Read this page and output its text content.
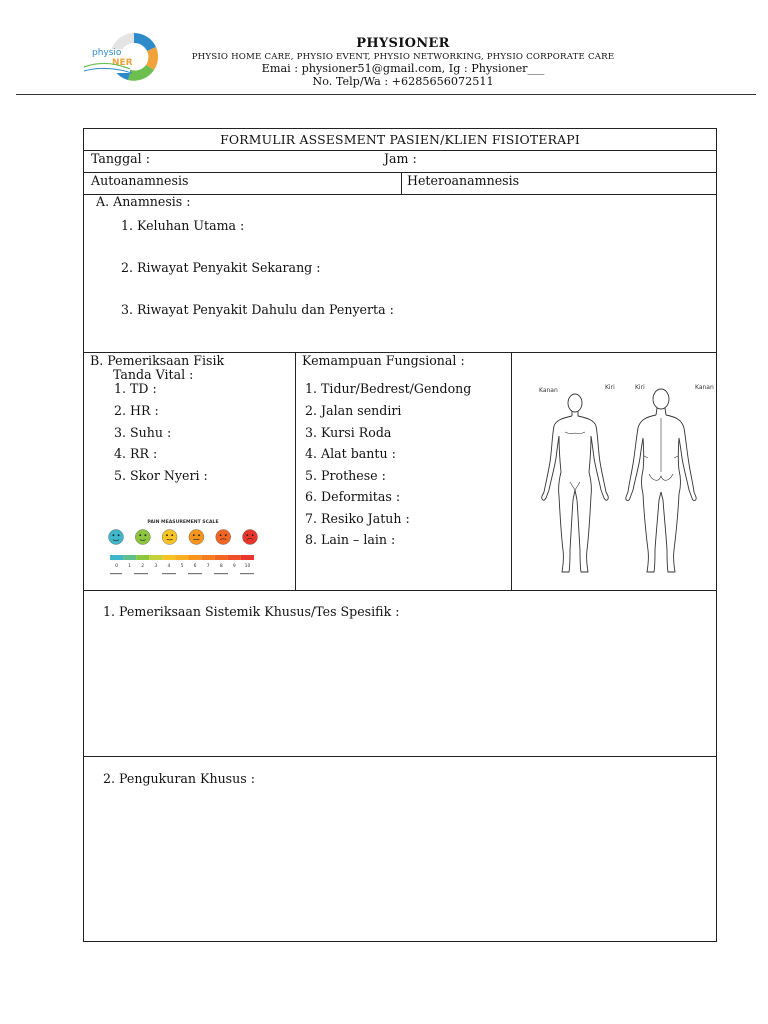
physio
NER
PHYSIONER
PHYSIO HOME CARE, PHYSIO EVENT, PHYSIO NETWORKING, PHYSIO CORPORATE CARE
Emai : physioner51@gmail.com, Ig : Physioner___
No. Telp/Wa : +6285656072511
FORMULIR ASSESMENT PASIEN/KLIEN FISIOTERAPI
Tanggal :	Jam :
Autoanamnesis	Heteroanamnesis
A. Anamnesis :
1. Keluhan Utama :
2. Riwayat Penyakit Sekarang :
3. Riwayat Penyakit Dahulu dan Penyerta :
B. Pemeriksaan Fisik
Tanda Vital :
1. TD :
2. HR :
3. Suhu :
4. RR :
5. Skor Nyeri :
PAIN MEASUREMENT SCALE
0 1 2 3 4 5 6 7 8 9 10
Kemampuan Fungsional :
1. Tidur/Bedrest/Gendong
2. Jalan sendiri
3. Kursi Roda
4. Alat bantu :
5. Prothese :
6. Deformitas :
7. Resiko Jatuh :
8. Lain – lain :
Kanan	Kiri	Kiri	Kanan
1. Pemeriksaan Sistemik Khusus/Tes Spesifik :
2. Pengukuran Khusus :
